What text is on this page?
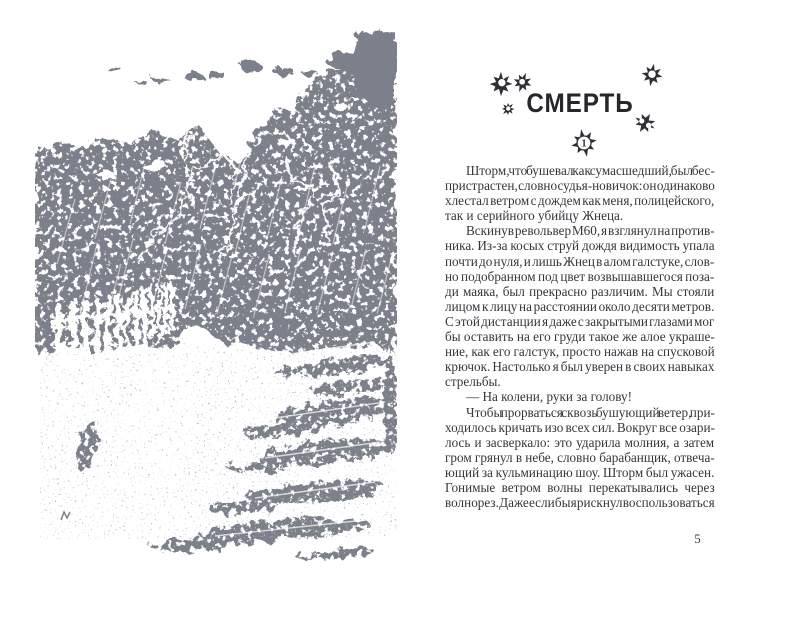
СМЕРТЬ
1
Шторм, что бушевал как сумасшедший, был бес-
пристрастен, словно судья-новичок: он одинаково
хлестал ветром с дождем как меня, полицейского,
так и серийного убийцу Жнеца.
Вскинув револьвер М60, я взглянул на против-
ника. Из-за косых струй дождя видимость упала
почти до нуля, и лишь Жнец в алом галстуке, слов-
но подобранном под цвет возвышавшегося поза-
ди маяка, был прекрасно различим. Мы стояли
лицом к лицу на расстоянии около десяти метров.
С этой дистанции я даже с закрытыми глазами мог
бы оставить на его груди такое же алое украше-
ние, как его галстук, просто нажав на спусковой
крючок. Настолько я был уверен в своих навыках
стрельбы.
— На колени, руки за голову!
Чтобы прорваться сквозь бушующий ветер, при-
ходилось кричать изо всех сил. Вокруг все озари-
лось и засверкало: это ударила молния, а затем
гром грянул в небе, словно барабанщик, отвеча-
ющий за кульминацию шоу. Шторм был ужасен.
Гонимые ветром волны перекатывались через
волнорез. Даже если бы я рискнул воспользоваться
5
